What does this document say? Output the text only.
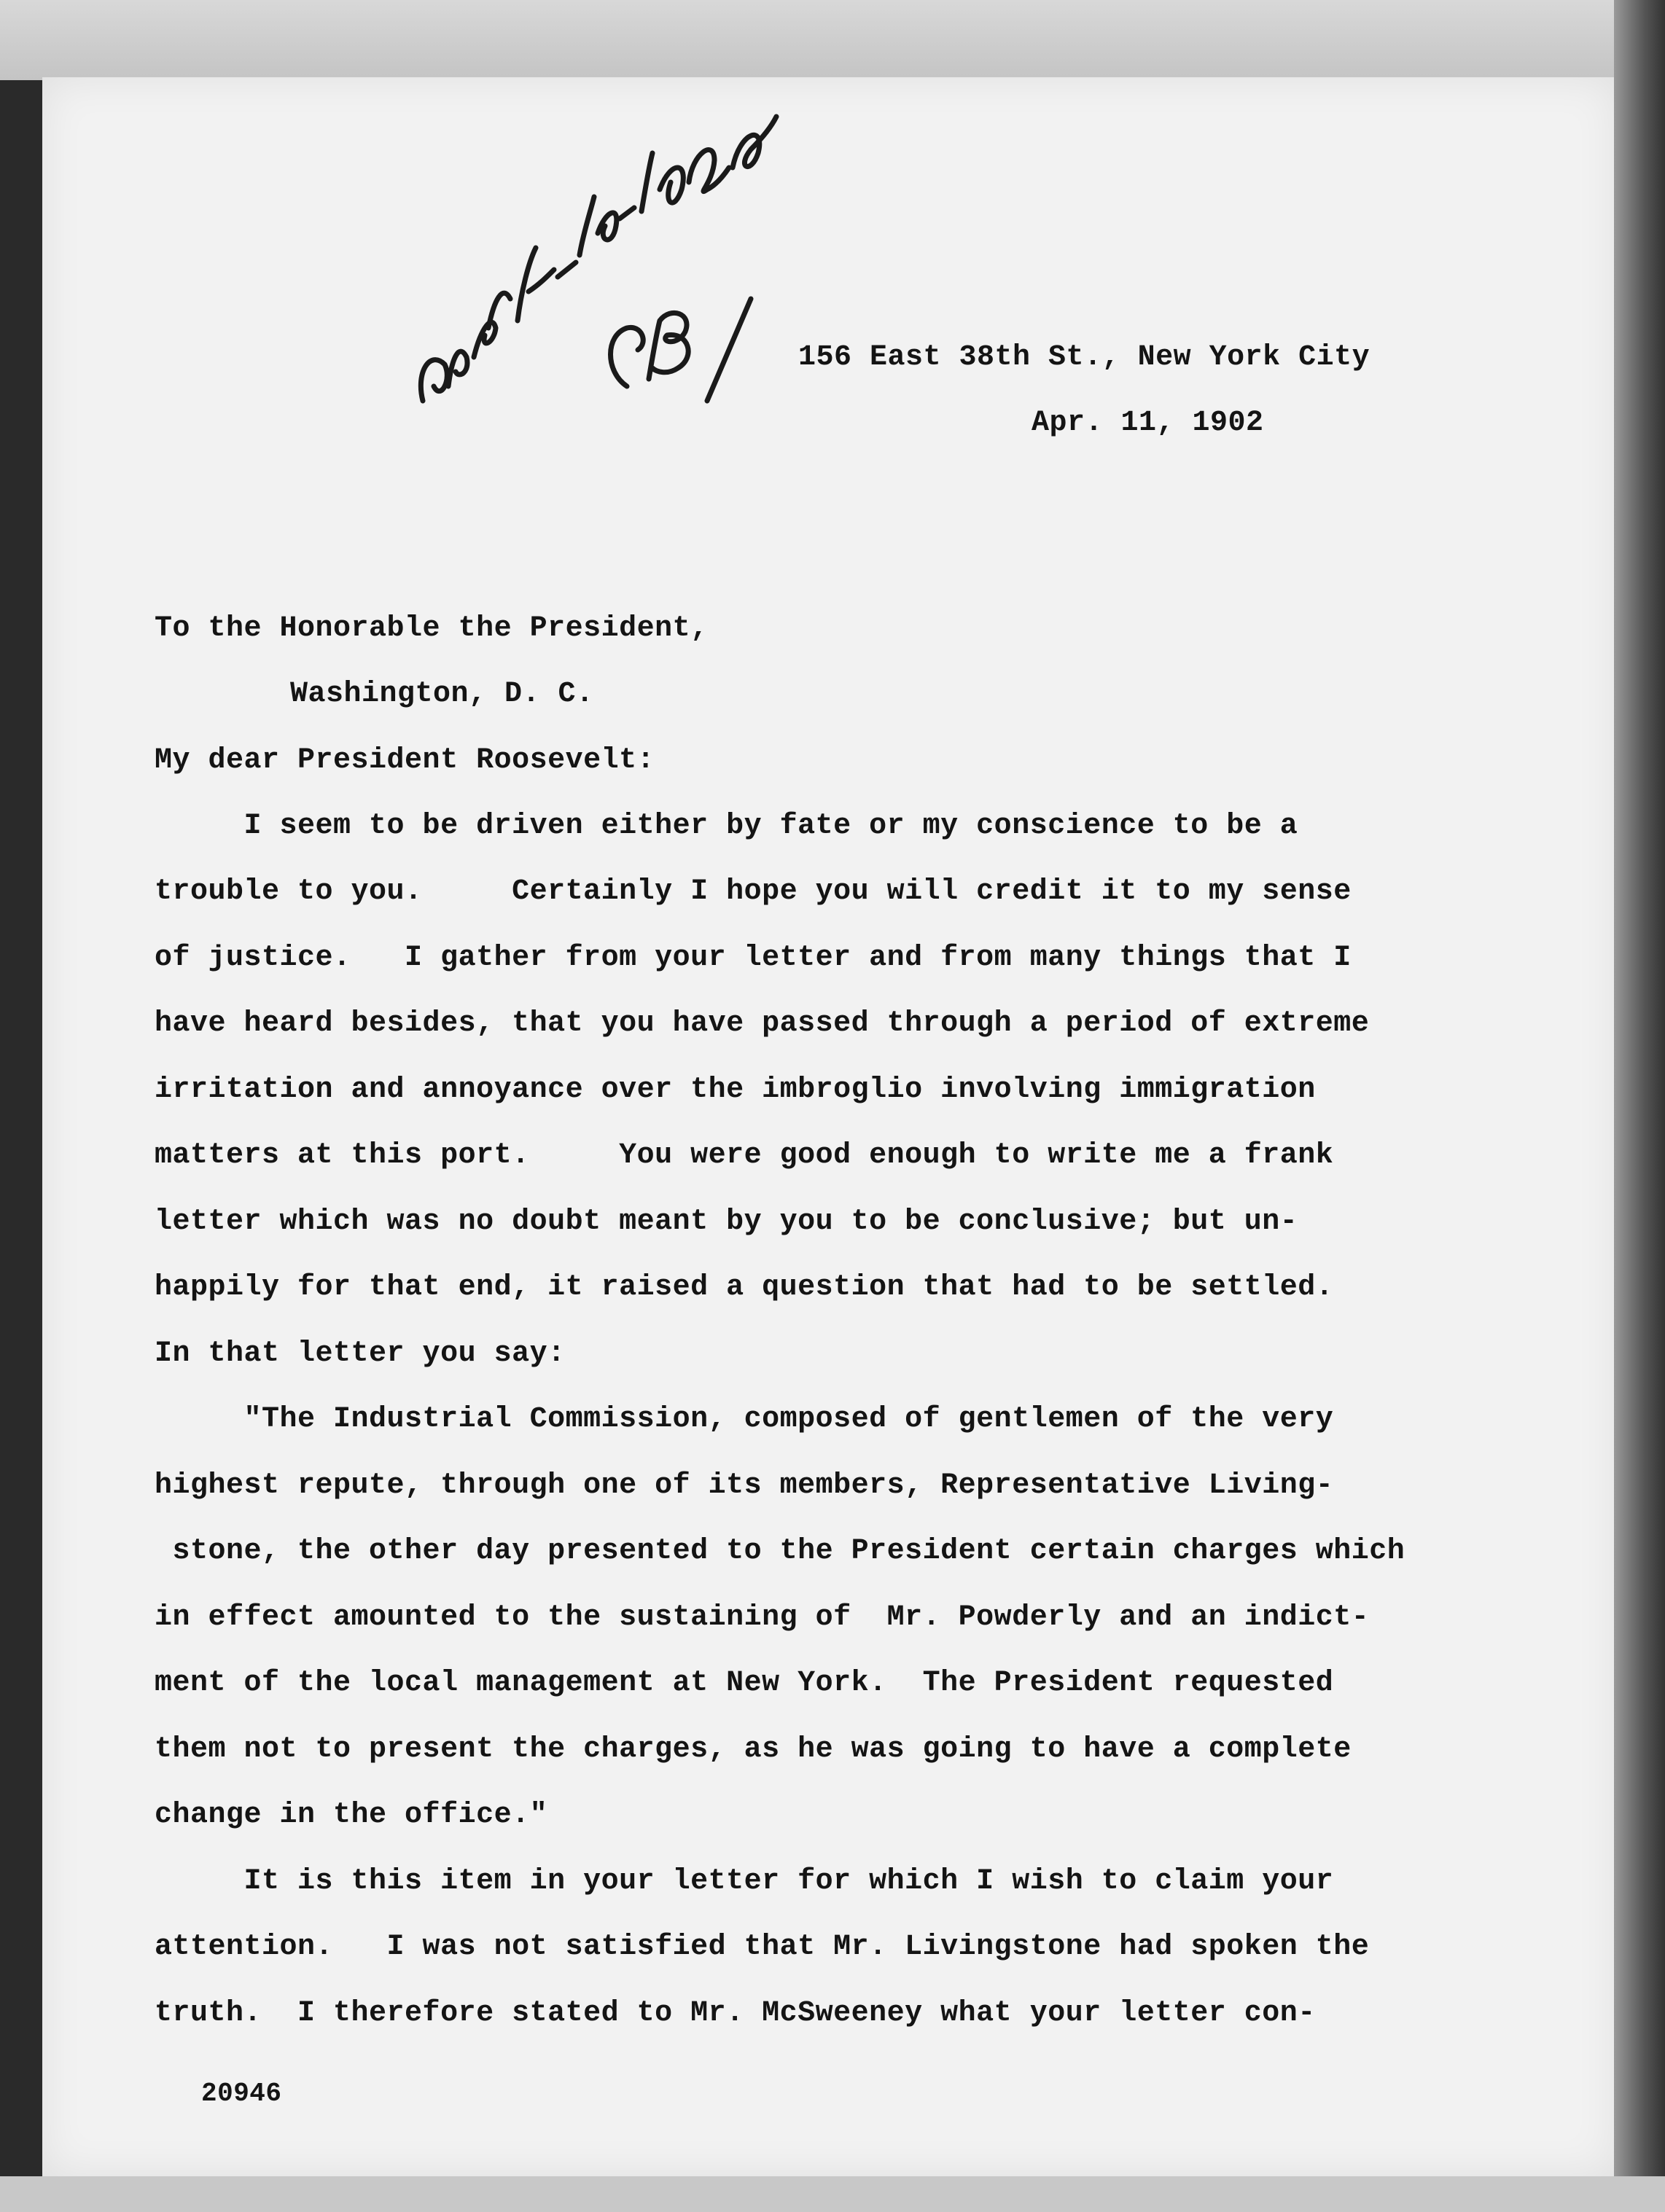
156 East 38th St., New York City
Apr. 11, 1902
To the Honorable the President,
Washington, D. C.
My dear President Roosevelt:
I seem to be driven either by fate or my conscience to be a
trouble to you.     Certainly I hope you will credit it to my sense
of justice.   I gather from your letter and from many things that I
have heard besides, that you have passed through a period of extreme
irritation and annoyance over the imbroglio involving immigration
matters at this port.     You were good enough to write me a frank
letter which was no doubt meant by you to be conclusive; but un-
happily for that end, it raised a question that had to be settled.
In that letter you say:
"The Industrial Commission, composed of gentlemen of the very
highest repute, through one of its members, Representative Living-
stone, the other day presented to the President certain charges which
in effect amounted to the sustaining of  Mr. Powderly and an indict-
ment of the local management at New York.  The President requested
them not to present the charges, as he was going to have a complete
change in the office."
It is this item in your letter for which I wish to claim your
attention.   I was not satisfied that Mr. Livingstone had spoken the
truth.  I therefore stated to Mr. McSweeney what your letter con-
20946
